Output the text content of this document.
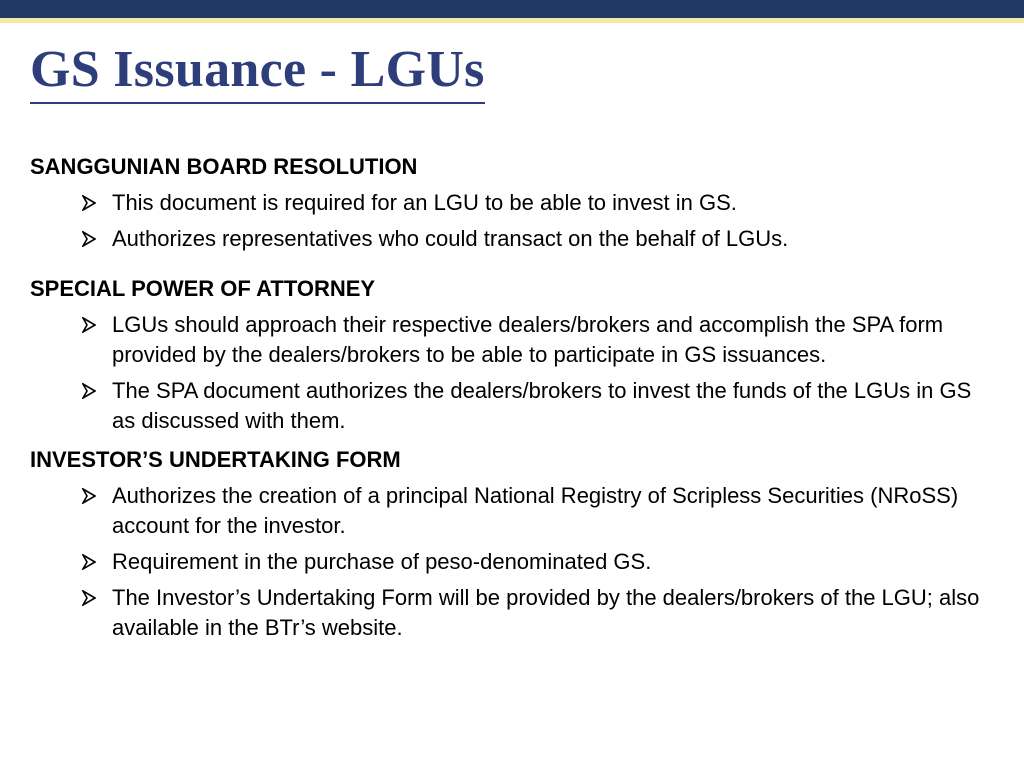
GS Issuance - LGUs
SANGGUNIAN BOARD RESOLUTION
This document is required for an LGU to be able to invest in GS.
Authorizes representatives who could transact on the behalf of LGUs.
SPECIAL POWER OF ATTORNEY
LGUs should approach their respective dealers/brokers and accomplish the SPA form provided by the dealers/brokers to be able to participate in GS issuances.
The SPA document authorizes the dealers/brokers to invest the funds of the LGUs in GS as discussed with them.
INVESTOR’S UNDERTAKING FORM
Authorizes the creation of a principal National Registry of Scripless Securities (NRoSS) account for the investor.
Requirement in the purchase of peso-denominated GS.
The Investor’s Undertaking Form will be provided by the dealers/brokers of the LGU; also available in the BTr’s website.
